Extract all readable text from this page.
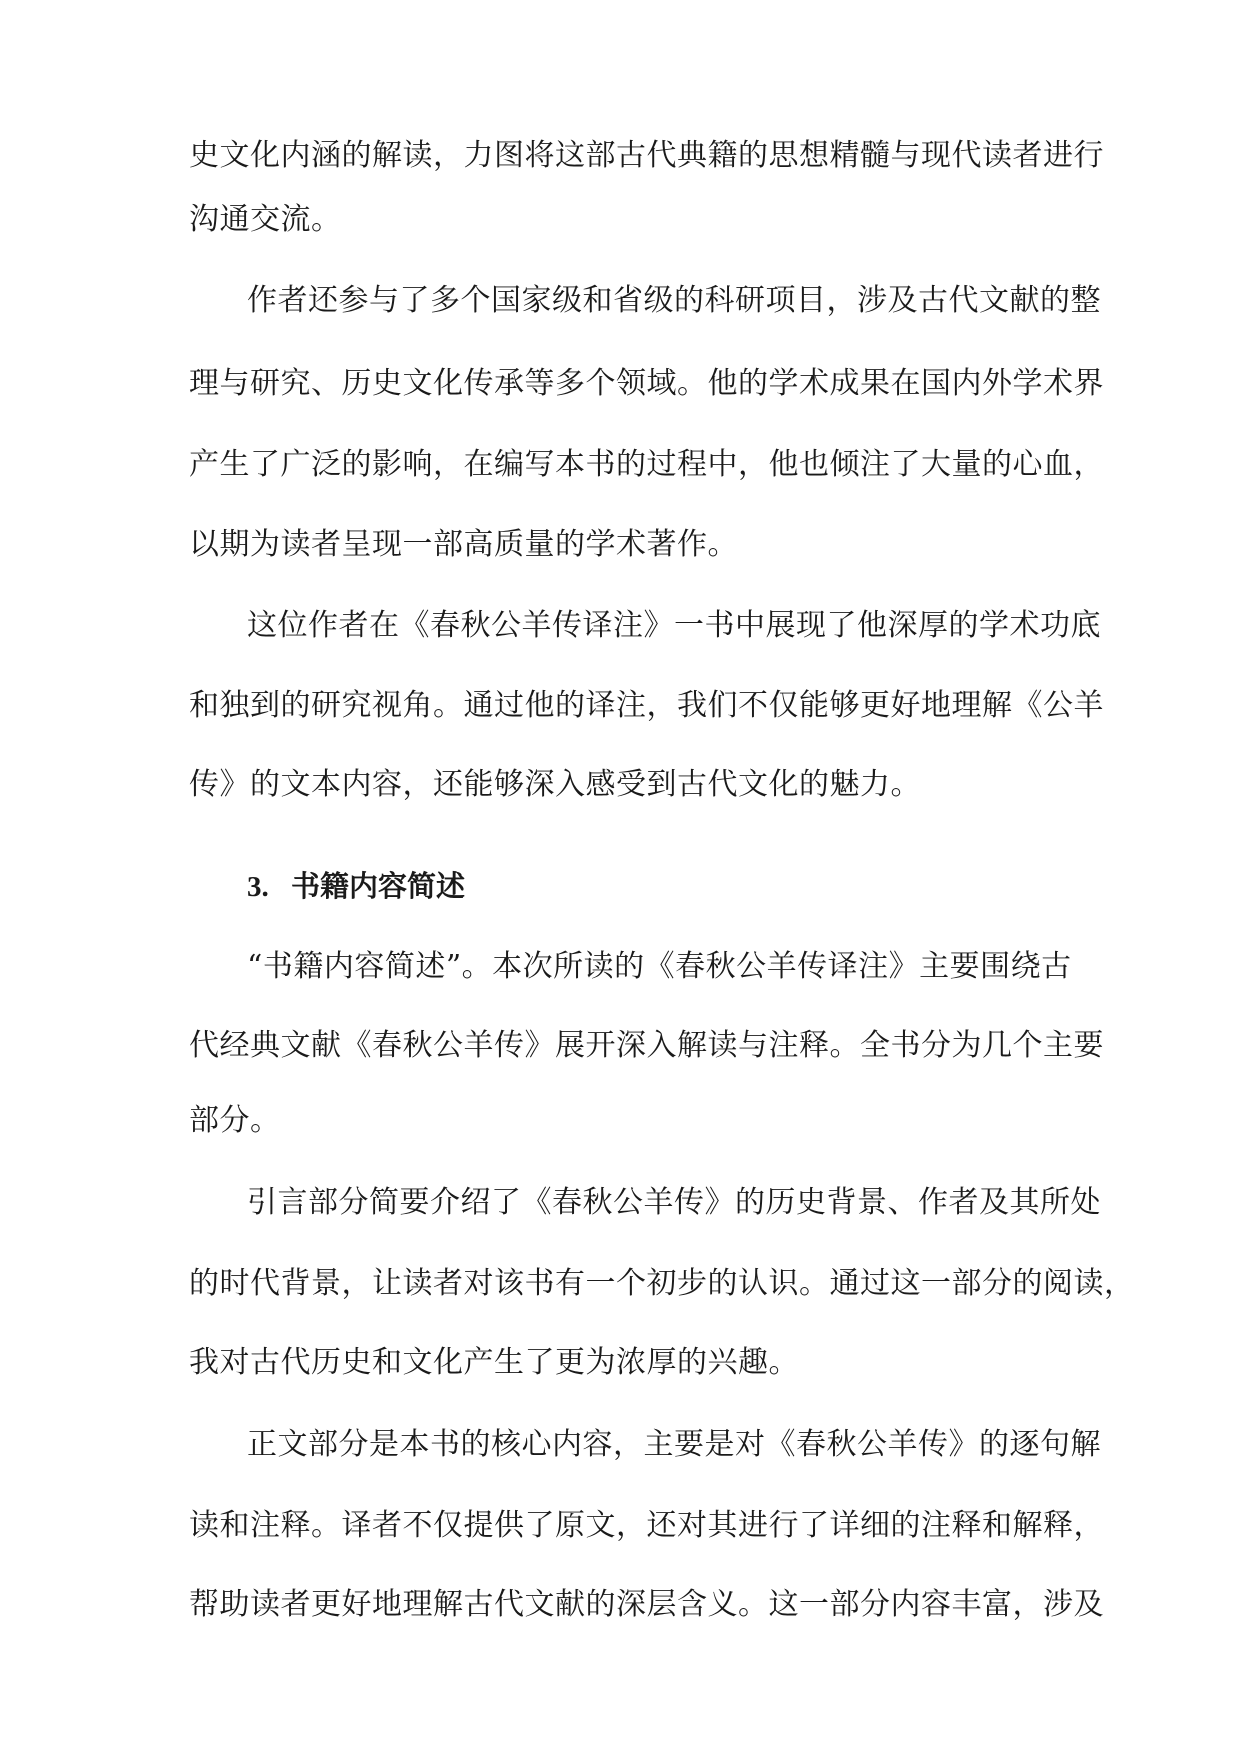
史文化内涵的解读，力图将这部古代典籍的思想精髓与现代读者进行
沟通交流。
作者还参与了多个国家级和省级的科研项目，涉及古代文献的整
理与研究、历史文化传承等多个领域。他的学术成果在国内外学术界
产生了广泛的影响，在编写本书的过程中，他也倾注了大量的心血，
以期为读者呈现一部高质量的学术著作。
这位作者在《春秋公羊传译注》一书中展现了他深厚的学术功底
和独到的研究视角。通过他的译注，我们不仅能够更好地理解《公羊
传》的文本内容，还能够深入感受到古代文化的魅力。
3. 书籍内容简述
“书籍内容简述”。本次所读的《春秋公羊传译注》主要围绕古
代经典文献《春秋公羊传》展开深入解读与注释。全书分为几个主要
部分。
引言部分简要介绍了《春秋公羊传》的历史背景、作者及其所处
的时代背景，让读者对该书有一个初步的认识。通过这一部分的阅读，
我对古代历史和文化产生了更为浓厚的兴趣。
正文部分是本书的核心内容，主要是对《春秋公羊传》的逐句解
读和注释。译者不仅提供了原文，还对其进行了详细的注释和解释，
帮助读者更好地理解古代文献的深层含义。这一部分内容丰富，涉及
